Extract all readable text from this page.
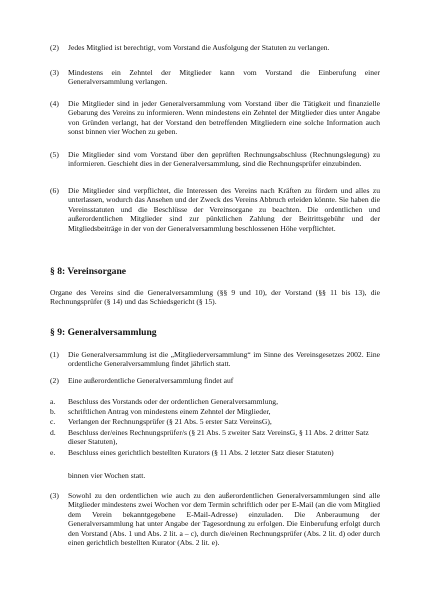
(2) Jedes Mitglied ist berechtigt, vom Vorstand die Ausfolgung der Statuten zu verlangen.
(3) Mindestens ein Zehntel der Mitglieder kann vom Vorstand die Einberufung einer Generalversammlung verlangen.
(4) Die Mitglieder sind in jeder Generalversammlung vom Vorstand über die Tätigkeit und finanzielle Gebarung des Vereins zu informieren. Wenn mindestens ein Zehntel der Mitglieder dies unter Angabe von Gründen verlangt, hat der Vorstand den betreffenden Mitgliedern eine solche Information auch sonst binnen vier Wochen zu geben.
(5) Die Mitglieder sind vom Vorstand über den geprüften Rechnungsabschluss (Rechnungslegung) zu informieren. Geschieht dies in der Generalversammlung, sind die Rechnungsprüfer einzubinden.
(6) Die Mitglieder sind verpflichtet, die Interessen des Vereins nach Kräften zu fördern und alles zu unterlassen, wodurch das Ansehen und der Zweck des Vereins Abbruch erleiden könnte. Sie haben die Vereinsstatuten und die Beschlüsse der Vereinsorgane zu beachten. Die ordentlichen und außerordentlichen Mitglieder sind zur pünktlichen Zahlung der Beitrittsgebühr und der Mitgliedsbeiträge in der von der Generalversammlung beschlossenen Höhe verpflichtet.
§ 8: Vereinsorgane
Organe des Vereins sind die Generalversammlung (§§ 9 und 10), der Vorstand (§§ 11 bis 13), die Rechnungsprüfer (§ 14) und das Schiedsgericht (§ 15).
§ 9: Generalversammlung
(1) Die Generalversammlung ist die „Mitgliederversammlung“ im Sinne des Vereinsgesetzes 2002. Eine ordentliche Generalversammlung findet jährlich statt.
(2) Eine außerordentliche Generalversammlung findet auf
a. Beschluss des Vorstands oder der ordentlichen Generalversammlung,
b. schriftlichen Antrag von mindestens einem Zehntel der Mitglieder,
c. Verlangen der Rechnungsprüfer (§ 21 Abs. 5 erster Satz VereinsG),
d. Beschluss der/eines Rechnungsprüfer/s (§ 21 Abs. 5 zweiter Satz VereinsG, § 11 Abs. 2 dritter Satz dieser Statuten),
e. Beschluss eines gerichtlich bestellten Kurators (§ 11 Abs. 2 letzter Satz dieser Statuten)
binnen vier Wochen statt.
(3) Sowohl zu den ordentlichen wie auch zu den außerordentlichen Generalversammlungen sind alle Mitglieder mindestens zwei Wochen vor dem Termin schriftlich oder per E-Mail (an die vom Mitglied dem Verein bekanntgegebene E-Mail-Adresse) einzuladen. Die Anberaumung der Generalversammlung hat unter Angabe der Tagesordnung zu erfolgen. Die Einberufung erfolgt durch den Vorstand (Abs. 1 und Abs. 2 lit. a – c), durch die/einen Rechnungsprüfer (Abs. 2 lit. d) oder durch einen gerichtlich bestellten Kurator (Abs. 2 lit. e).
